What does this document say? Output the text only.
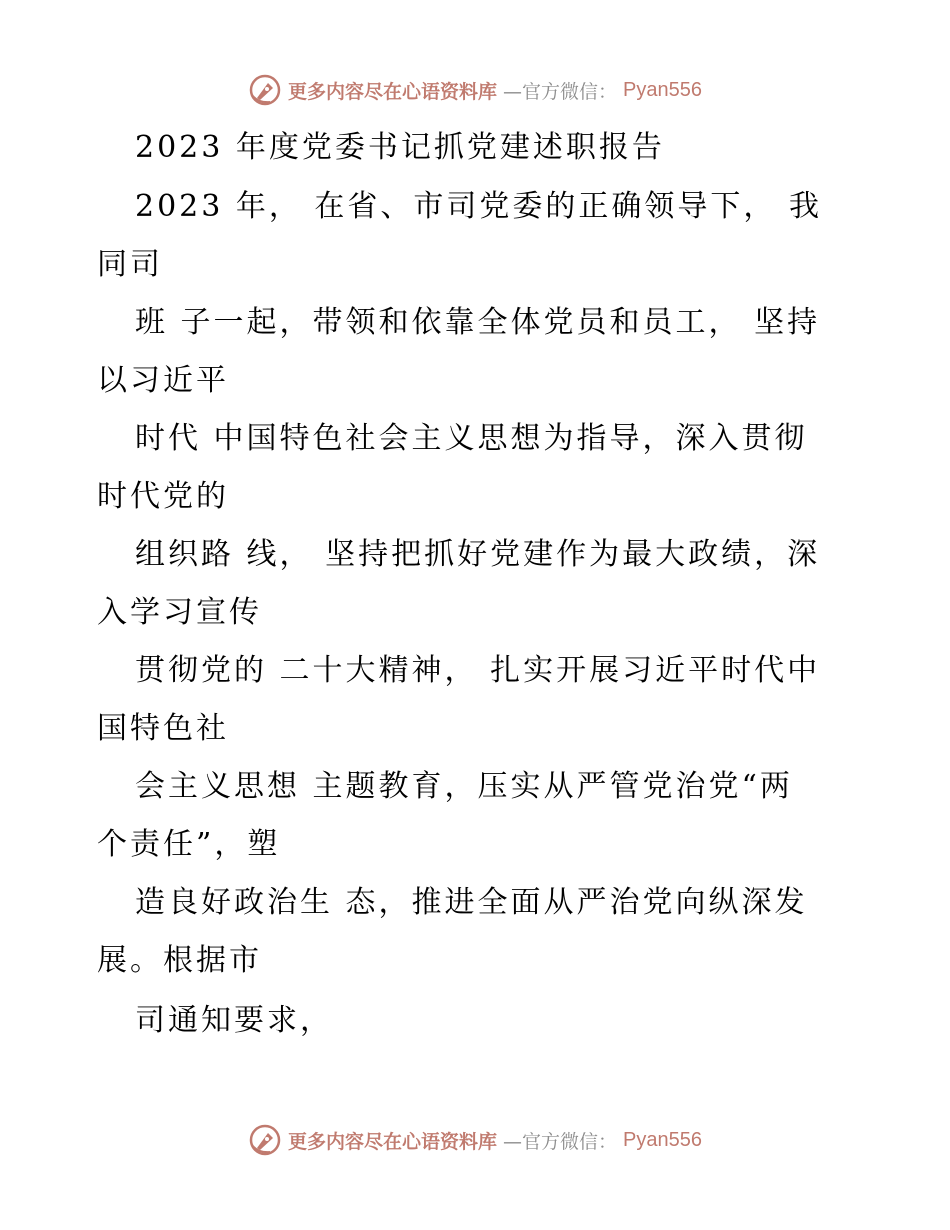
更多内容尽在心语资料库 —官方微信： Pyan556
2023 年度党委书记抓党建述职报告
2023 年， 在省、市司党委的正确领导下， 我
同司
班 子一起，带领和依靠全体党员和员工， 坚持
以习近平
时代 中国特色社会主义思想为指导，深入贯彻
时代党的
组织路 线， 坚持把抓好党建作为最大政绩，深
入学习宣传
贯彻党的 二十大精神， 扎实开展习近平时代中
国特色社
会主义思想 主题教育，压实从严管党治党“两
个责任”，塑
造良好政治生 态，推进全面从严治党向纵深发
展。根据市
司通知要求，
更多内容尽在心语资料库 —官方微信： Pyan556
